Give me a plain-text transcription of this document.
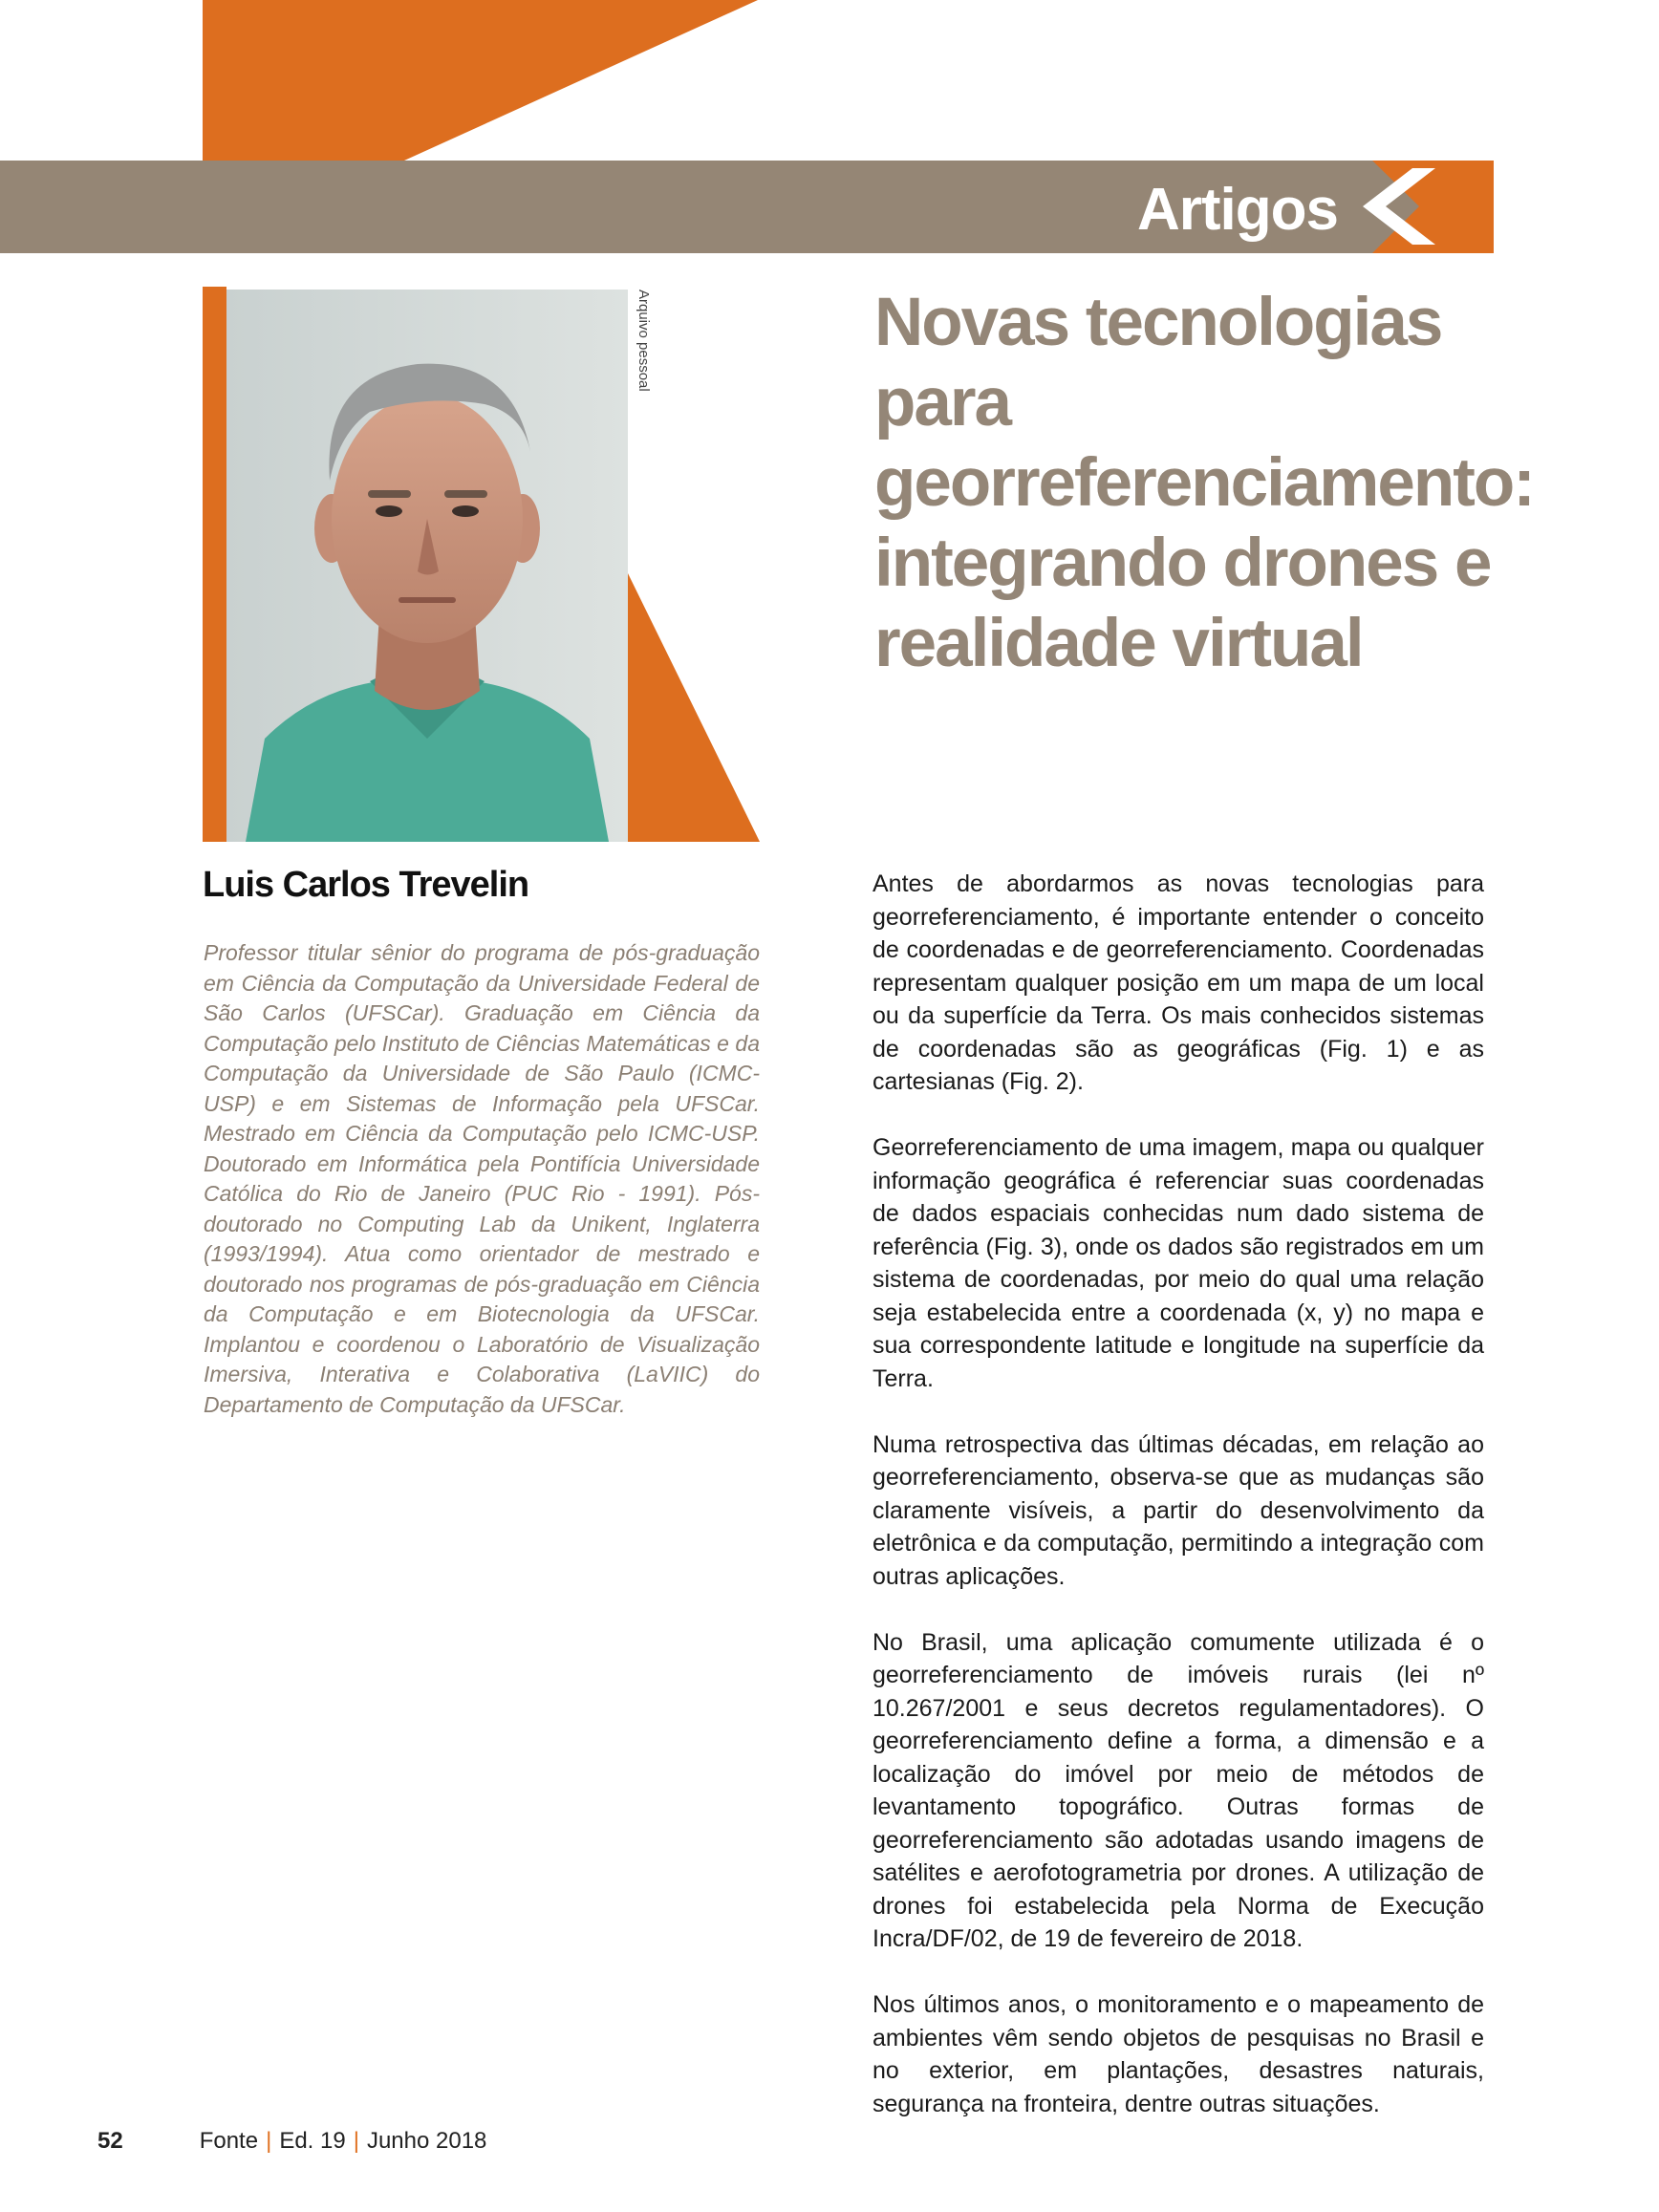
Artigos
Arquivo pessoal	Novas tecnologias para georreferenciamento: integrando drones e realidade virtual
Luis Carlos Trevelin

Professor titular sênior do programa de pós-graduação em Ciência da Computação da Universidade Federal de São Carlos (UFSCar). Graduação em Ciência da Computação pelo Instituto de Ciências Matemáticas e da Computação da Universidade de São Paulo (ICMC-USP) e em Sistemas de Informação pela UFSCar. Mestrado em Ciência da Computação pelo ICMC-USP. Doutorado em Informática pela Pontifícia Universidade Católica do Rio de Janeiro (PUC Rio - 1991). Pós-doutorado no Computing Lab da Unikent, Inglaterra (1993/1994). Atua como orientador de mestrado e doutorado nos programas de pós-graduação em Ciência da Computação e em Biotecnologia da UFSCar. Implantou e coordenou o Laboratório de Visualização Imersiva, Interativa e Colaborativa (LaVIIC) do Departamento de Computação da UFSCar.

Antes de abordarmos as novas tecnologias para georreferenciamento, é importante entender o conceito de coordenadas e de georreferenciamento. Coordenadas representam qualquer posição em um mapa de um local ou da superfície da Terra. Os mais conhecidos sistemas de coordenadas são as geográficas (Fig. 1) e as cartesianas (Fig. 2).

Georreferenciamento de uma imagem, mapa ou qualquer informação geográfica é referenciar suas coordenadas de dados espaciais conhecidas num dado sistema de referência (Fig. 3), onde os dados são registrados em um sistema de coordenadas, por meio do qual uma relação seja estabelecida entre a coordenada (x, y) no mapa e sua correspondente latitude e longitude na superfície da Terra.

Numa retrospectiva das últimas décadas, em relação ao georreferenciamento, observa-se que as mudanças são claramente visíveis, a partir do desenvolvimento da eletrônica e da computação, permitindo a integração com outras aplicações.

No Brasil, uma aplicação comumente utilizada é o georreferenciamento de imóveis rurais (lei nº 10.267/2001 e seus decretos regulamentadores). O georreferenciamento define a forma, a dimensão e a localização do imóvel por meio de métodos de levantamento topográfico. Outras formas de georreferenciamento são adotadas usando imagens de satélites e aerofotogrametria por drones. A utilização de drones foi estabelecida pela Norma de Execução Incra/DF/02, de 19 de fevereiro de 2018.

Nos últimos anos, o monitoramento e o mapeamento de ambientes vêm sendo objetos de pesquisas no Brasil e no exterior, em plantações, desastres naturais, segurança na fronteira, dentre outras situações.

52	Fonte | Ed. 19 | Junho 2018
